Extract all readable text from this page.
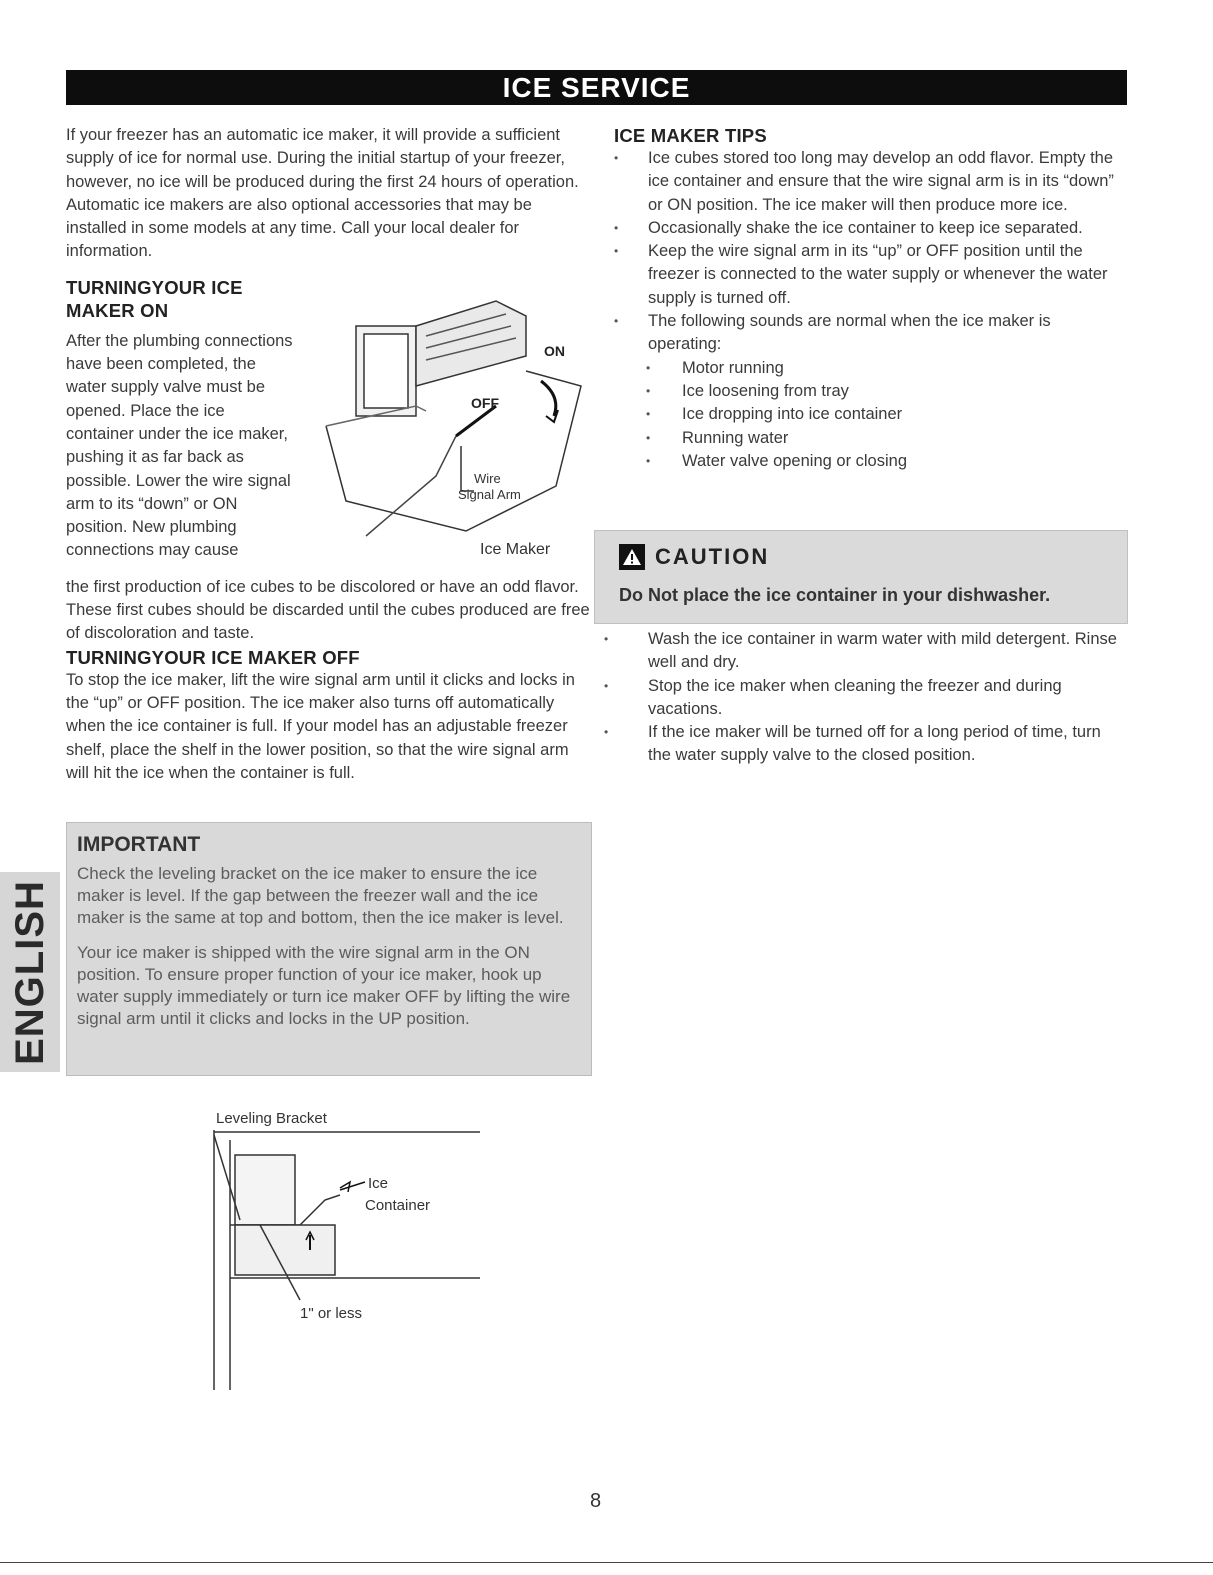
ICE SERVICE

If your freezer has an automatic ice maker, it will provide a sufficient supply of ice for normal use. During the initial startup of your freezer, however, no ice will be produced during the first 24 hours of operation. Automatic ice makers are also optional accessories that may be installed in some models at any time. Call your local dealer for information.

TURNINGYOUR ICE
MAKER ON

After the plumbing connections have been completed, the water supply valve must be opened. Place the ice container under the ice maker, pushing it as far back as possible. Lower the wire signal arm to its “down” or ON position. New plumbing connections may cause

ON
OFF
Wire
Signal Arm
Ice Maker

the first production of ice cubes to be discolored or have an odd flavor. These first cubes should be discarded until the cubes produced are free of discoloration and taste.

TURNINGYOUR ICE MAKER OFF

To stop the ice maker, lift the wire signal arm until it clicks and locks in the “up” or OFF position. The ice maker also turns off automatically when the ice container is full. If your model has an adjustable freezer shelf, place the shelf in the lower position, so that the wire signal arm will hit the ice when the container is full.

IMPORTANT

Check the leveling bracket on the ice maker to ensure the ice maker is level. If the gap between the freezer wall and the ice maker is the same at top and bottom, then the ice maker is level.

Your ice maker is shipped with the wire signal arm in the ON position. To ensure proper function of your ice maker, hook up water supply immediately or turn ice maker OFF by lifting the wire signal arm until it clicks and locks in the UP position.

ENGLISH
Leveling Bracket
Ice
Container
1" or less
ICE MAKER TIPS
• Ice cubes stored too long may develop an odd flavor. Empty the ice container and ensure that the wire signal arm is in its “down” or ON position. The ice maker will then produce more ice.
• Occasionally shake the ice container to keep ice separated.
• Keep the wire signal arm in its “up” or OFF position until the freezer is connected to the water supply or whenever the water supply is turned off.
• The following sounds are normal when the ice maker is operating:
• Motor running
• Ice loosening from tray
• Ice dropping into ice container
• Running water
• Water valve opening or closing
CAUTION
Do Not place the ice container in your dishwasher.
• Wash the ice container in warm water with mild detergent. Rinse well and dry.
• Stop the ice maker when cleaning the freezer and during vacations.
• If the ice maker will be turned off for a long period of time, turn the water supply valve to the closed position.
8
